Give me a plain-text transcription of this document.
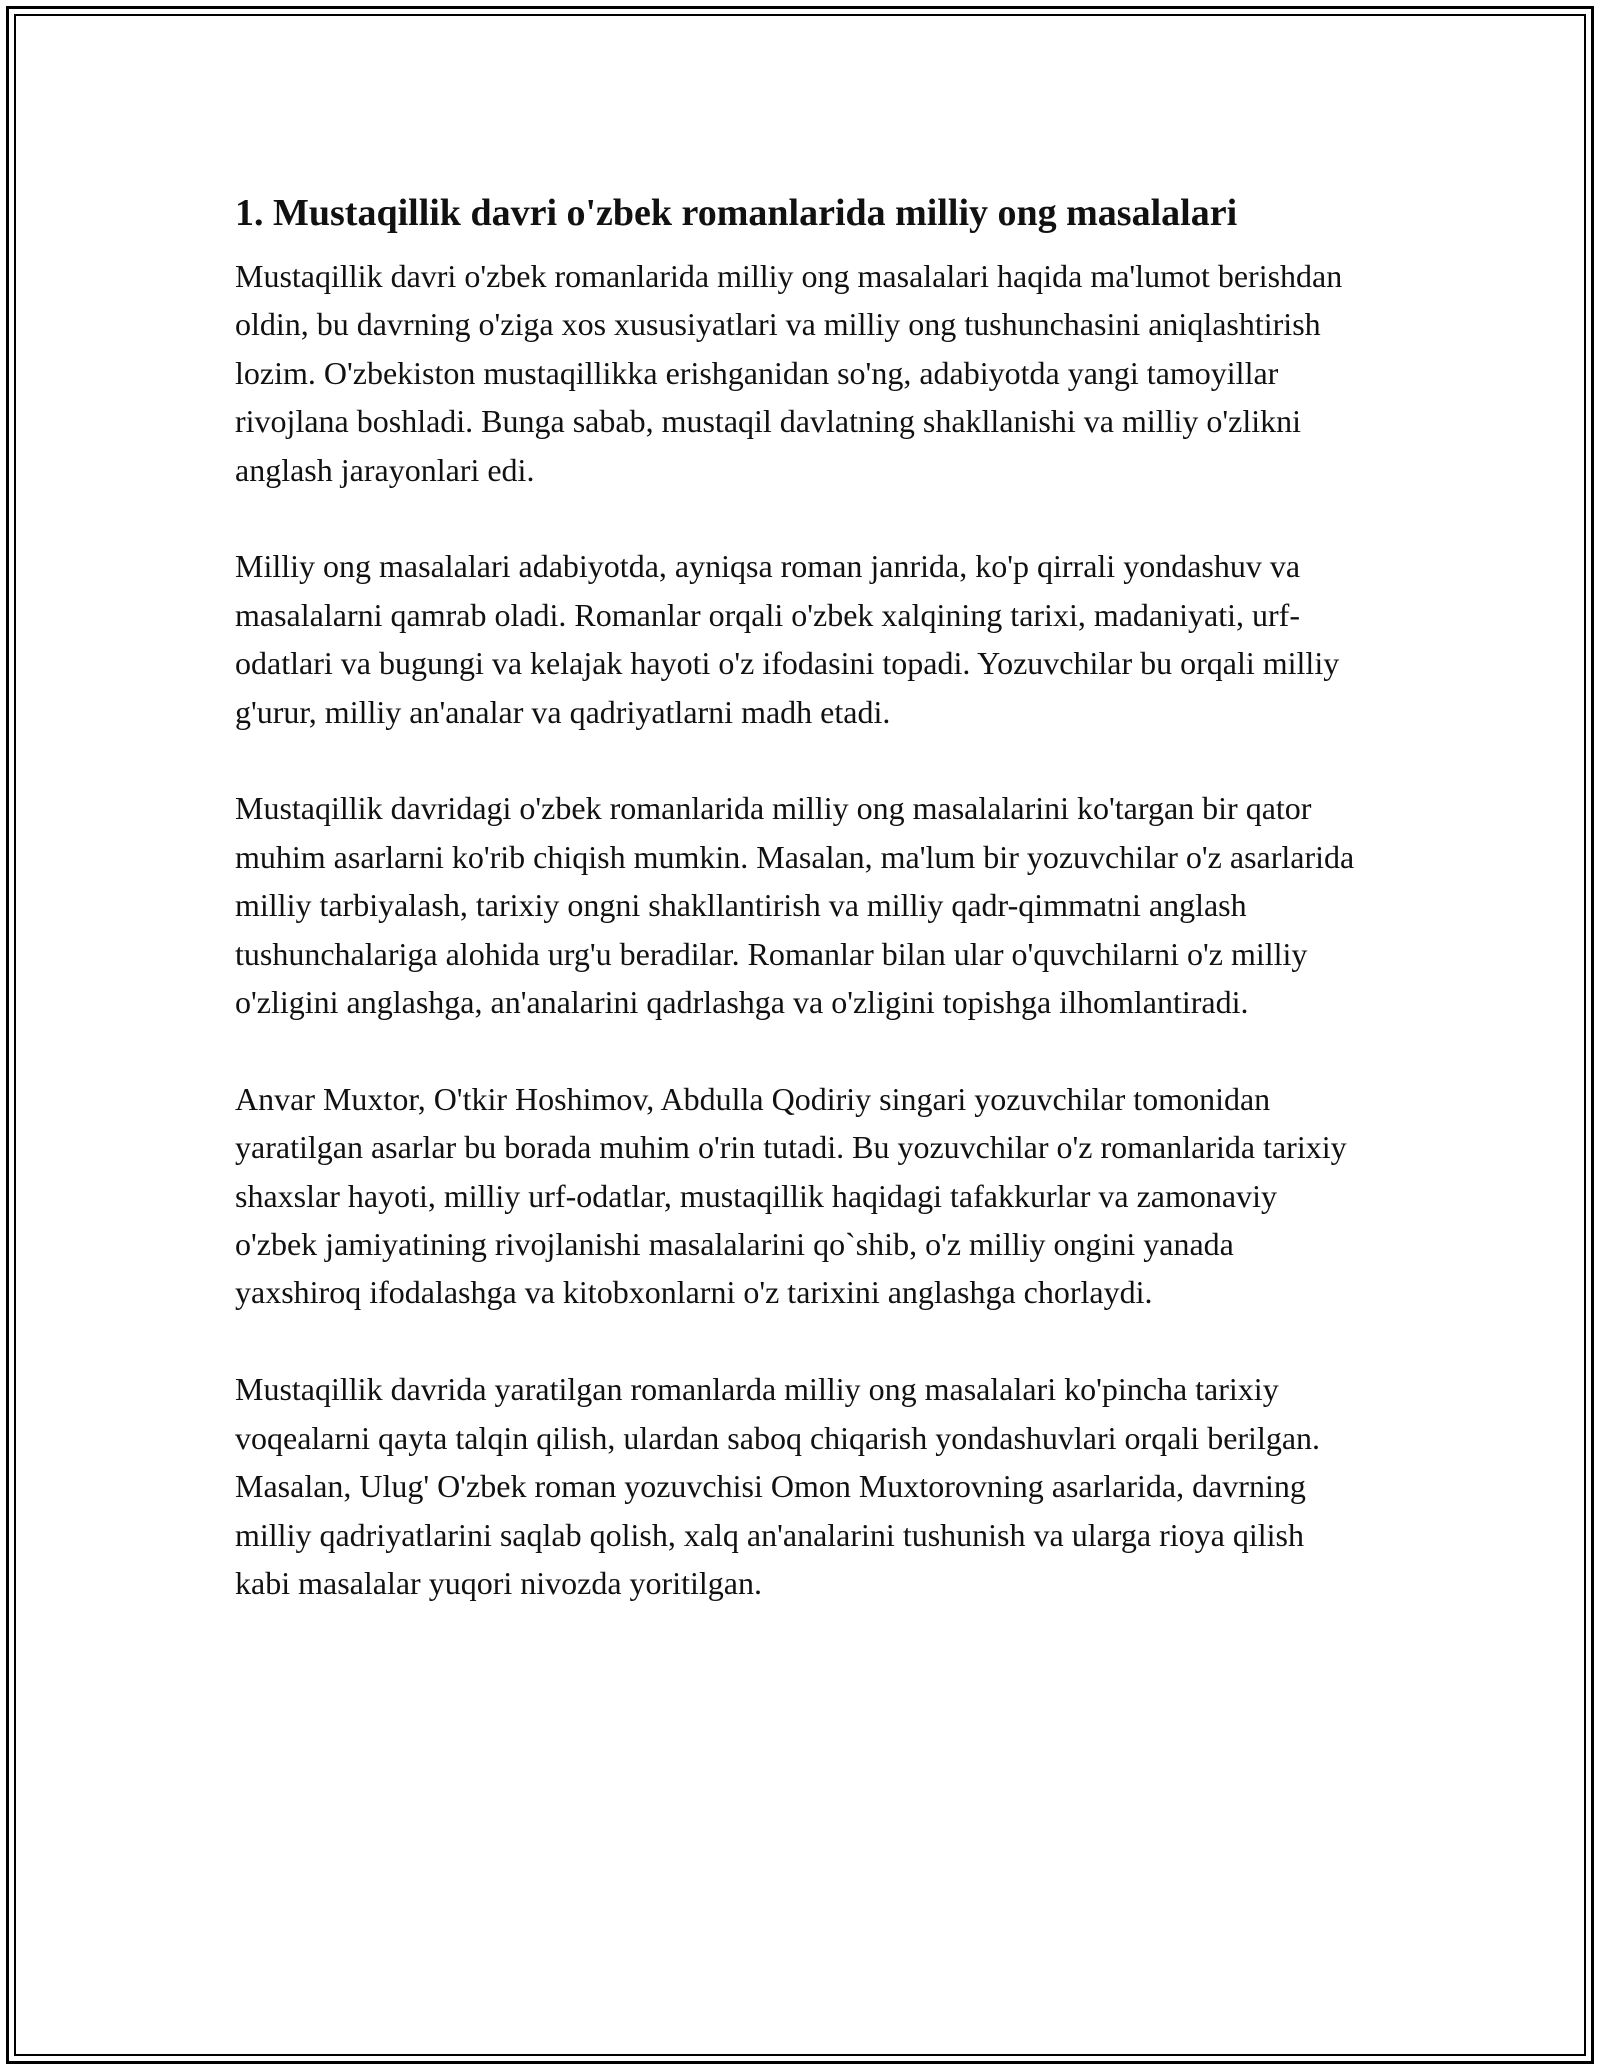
1. Mustaqillik davri o'zbek romanlarida milliy ong masalalari

Mustaqillik davri o'zbek romanlarida milliy ong masalalari haqida ma'lumot berishdan oldin, bu davrning o'ziga xos xususiyatlari va milliy ong tushunchasini aniqlashtirish lozim. O'zbekiston mustaqillikka erishganidan so'ng, adabiyotda yangi tamoyillar rivojlana boshladi. Bunga sabab, mustaqil davlatning shakllanishi va milliy o'zlikni anglash jarayonlari edi.

Milliy ong masalalari adabiyotda, ayniqsa roman janrida, ko'p qirrali yondashuv va masalalarni qamrab oladi. Romanlar orqali o'zbek xalqining tarixi, madaniyati, urf-odatlari va bugungi va kelajak hayoti o'z ifodasini topadi. Yozuvchilar bu orqali milliy g'urur, milliy an'analar va qadriyatlarni madh etadi.

Mustaqillik davridagi o'zbek romanlarida milliy ong masalalarini ko'targan bir qator muhim asarlarni ko'rib chiqish mumkin. Masalan, ma'lum bir yozuvchilar o'z asarlarida milliy tarbiyalash, tarixiy ongni shakllantirish va milliy qadr-qimmatni anglash tushunchalariga alohida urg'u beradilar. Romanlar bilan ular o'quvchilarni o'z milliy o'zligini anglashga, an'analarini qadrlashga va o'zligini topishga ilhomlantiradi.

Anvar Muxtor, O'tkir Hoshimov, Abdulla Qodiriy singari yozuvchilar tomonidan yaratilgan asarlar bu borada muhim o'rin tutadi. Bu yozuvchilar o'z romanlarida tarixiy shaxslar hayoti, milliy urf-odatlar, mustaqillik haqidagi tafakkurlar va zamonaviy o'zbek jamiyatining rivojlanishi masalalarini qo`shib, o'z milliy ongini yanada yaxshiroq ifodalashga va kitobxonlarni o'z tarixini anglashga chorlaydi.

Mustaqillik davrida yaratilgan romanlarda milliy ong masalalari ko'pincha tarixiy voqealarni qayta talqin qilish, ulardan saboq chiqarish yondashuvlari orqali berilgan. Masalan, Ulug' O'zbek roman yozuvchisi Omon Muxtorovning asarlarida, davrning milliy qadriyatlarini saqlab qolish, xalq an'analarini tushunish va ularga rioya qilish kabi masalalar yuqori nivozda yoritilgan.
